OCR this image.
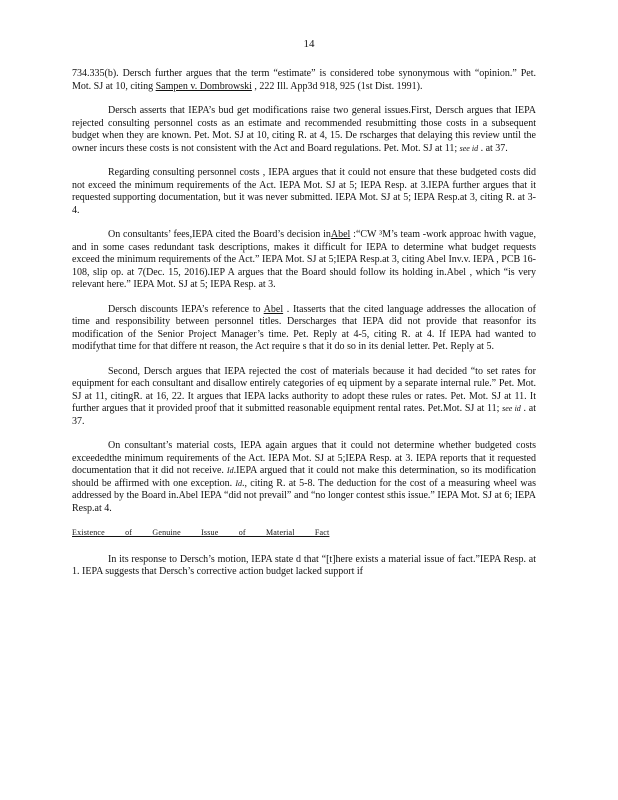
14

734.335(b). Dersch further argues that the term “estimate” is considered tobe synonymous with “opinion.” Pet. Mot. SJ at 10, citing Sampen v. Dombrowski , 222 Ill. App3d 918, 925 (1st Dist. 1991).

Dersch asserts that IEPA’s bud get modifications raise two general issues.First, Dersch argues that IEPA rejected consulting personnel costs as an estimate and recommended resubmitting those costs in a subsequent budget when they are known. Pet. Mot. SJ at 10, citing R. at 4, 15. De rscharges that delaying this review until the owner incurs these costs is not consistent with the Act and Board regulations. Pet. Mot. SJ at 11; see id . at 37.

Regarding consulting personnel costs , IEPA argues that it could not ensure that these budgeted costs did not exceed the minimum requirements of the Act. IEPA Mot. SJ at 5; IEPA Resp. at 3.IEPA further argues that it requested supporting documentation, but it was never submitted. IEPA Mot. SJ at 5; IEPA Resp.at 3, citing R. at 3- 4.

On consultants’ fees,IEPA cited the Board’s decision inAbel :“CW ³M’s team -work approac hwith vague, and in some cases redundant task descriptions, makes it difficult for IEPA to determine what budget requests exceed the minimum requirements of the Act.” IEPA Mot. SJ at 5;IEPA Resp.at 3, citing Abel Inv.v. IEPA , PCB 16-108, slip op. at 7(Dec. 15, 2016).IEP A argues that the Board should follow its holding in.Abel , which “is very relevant here.” IEPA Mot. SJ at 5; IEPA Resp. at 3.

Dersch discounts IEPA’s reference to Abel . Itasserts that the cited language addresses the allocation of time and responsibility between personnel titles. Derscharges that IEPA did not provide that reasonfor its modification of the Senior Project Manager’s time. Pet. Reply at 4-5, citing R. at 4. If IEPA had wanted to modifythat time for that differe nt reason, the Act require s that it do so in its denial letter. Pet. Reply at 5.

Second, Dersch argues that IEPA rejected the cost of materials because it had decided “to set rates for equipment for each consultant and disallow entirely categories of eq uipment by a separate internal rule.” Pet. Mot. SJ at 11, citingR. at 16, 22. It argues that IEPA lacks authority to adopt these rules or rates. Pet. Mot. SJ at 11. It further argues that it provided proof that it submitted reasonable equipment rental rates. Pet.Mot. SJ at 11; see id . at 37.

On consultant’s material costs, IEPA again argues that it could not determine whether budgeted costs exceededthe minimum requirements of the Act. IEPA Mot. SJ at 5;IEPA Resp. at 3. IEPA reports that it requested documentation that it did not receive. Id.IEPA argued that it could not make this determination, so its modification should be affirmed with one exception. Id., citing R. at 5-8. The deduction for the cost of a measuring wheel was addressed by the Board in.Abel IEPA “did not prevail” and “no longer contest sthis issue.” IEPA Mot. SJ at 6; IEPA Resp.at 4.

Existence of Genuine Issue of Material Fact

In its response to Dersch’s motion, IEPA state d that “[t]here exists a material issue of fact.”IEPA Resp. at 1. IEPA suggests that Dersch’s corrective action budget lacked support if
